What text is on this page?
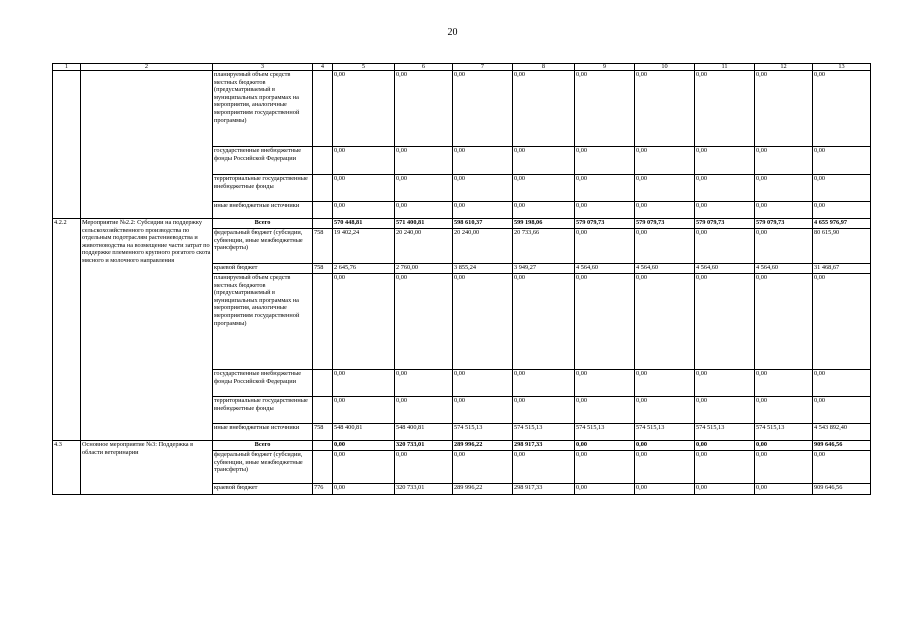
20
1	2	3	4	5	6	7	8	9	10	11	12	13
		планируемый объем средств местных бюджетов (предусматриваемый в муниципальных программах на мероприятия, аналогичные мероприятиям государственной программы)		0,00	0,00	0,00	0,00	0,00	0,00	0,00	0,00	0,00
		государственные внебюджетные фонды Российской Федерации		0,00	0,00	0,00	0,00	0,00	0,00	0,00	0,00	0,00
		территориальные государственные внебюджетные фонды		0,00	0,00	0,00	0,00	0,00	0,00	0,00	0,00	0,00
		иные внебюджетные источники		0,00	0,00	0,00	0,00	0,00	0,00	0,00	0,00	0,00
4.2.2	Мероприятие №2.2: Субсидии на поддержку сельскохозяйственного производства по отдельным подотраслям растениеводства и животноводства на возмещение части затрат по поддержке племенного крупного рогатого скота мясного и молочного направления	Всего		570 448,81	571 400,81	598 610,37	599 198,06	579 079,73	579 079,73	579 079,73	579 079,73	4 655 976,97
		федеральный бюджет (субсидии, субвенции, иные межбюджетные трансферты)	758	19 402,24	20 240,00	20 240,00	20 733,66	0,00	0,00	0,00	0,00	80 615,90
		краевой бюджет	758	2 645,76	2 760,00	3 855,24	3 949,27	4 564,60	4 564,60	4 564,60	4 564,60	31 468,67
		планируемый объем средств местных бюджетов (предусматриваемый в муниципальных программах на мероприятия, аналогичные мероприятиям государственной программы)		0,00	0,00	0,00	0,00	0,00	0,00	0,00	0,00	0,00
		государственные внебюджетные фонды Российской Федерации		0,00	0,00	0,00	0,00	0,00	0,00	0,00	0,00	0,00
		территориальные государственные внебюджетные фонды		0,00	0,00	0,00	0,00	0,00	0,00	0,00	0,00	0,00
		иные внебюджетные источники	758	548 400,81	548 400,81	574 515,13	574 515,13	574 515,13	574 515,13	574 515,13	574 515,13	4 543 892,40
4.3	Основное мероприятие №3: Поддержка в области ветеринарии	Всего		0,00	320 733,01	289 996,22	298 917,33	0,00	0,00	0,00	0,00	909 646,56
		федеральный бюджет (субсидии, субвенции, иные межбюджетные трансферты)		0,00	0,00	0,00	0,00	0,00	0,00	0,00	0,00	0,00
		краевой бюджет	776	0,00	320 733,01	289 996,22	298 917,33	0,00	0,00	0,00	0,00	909 646,56
